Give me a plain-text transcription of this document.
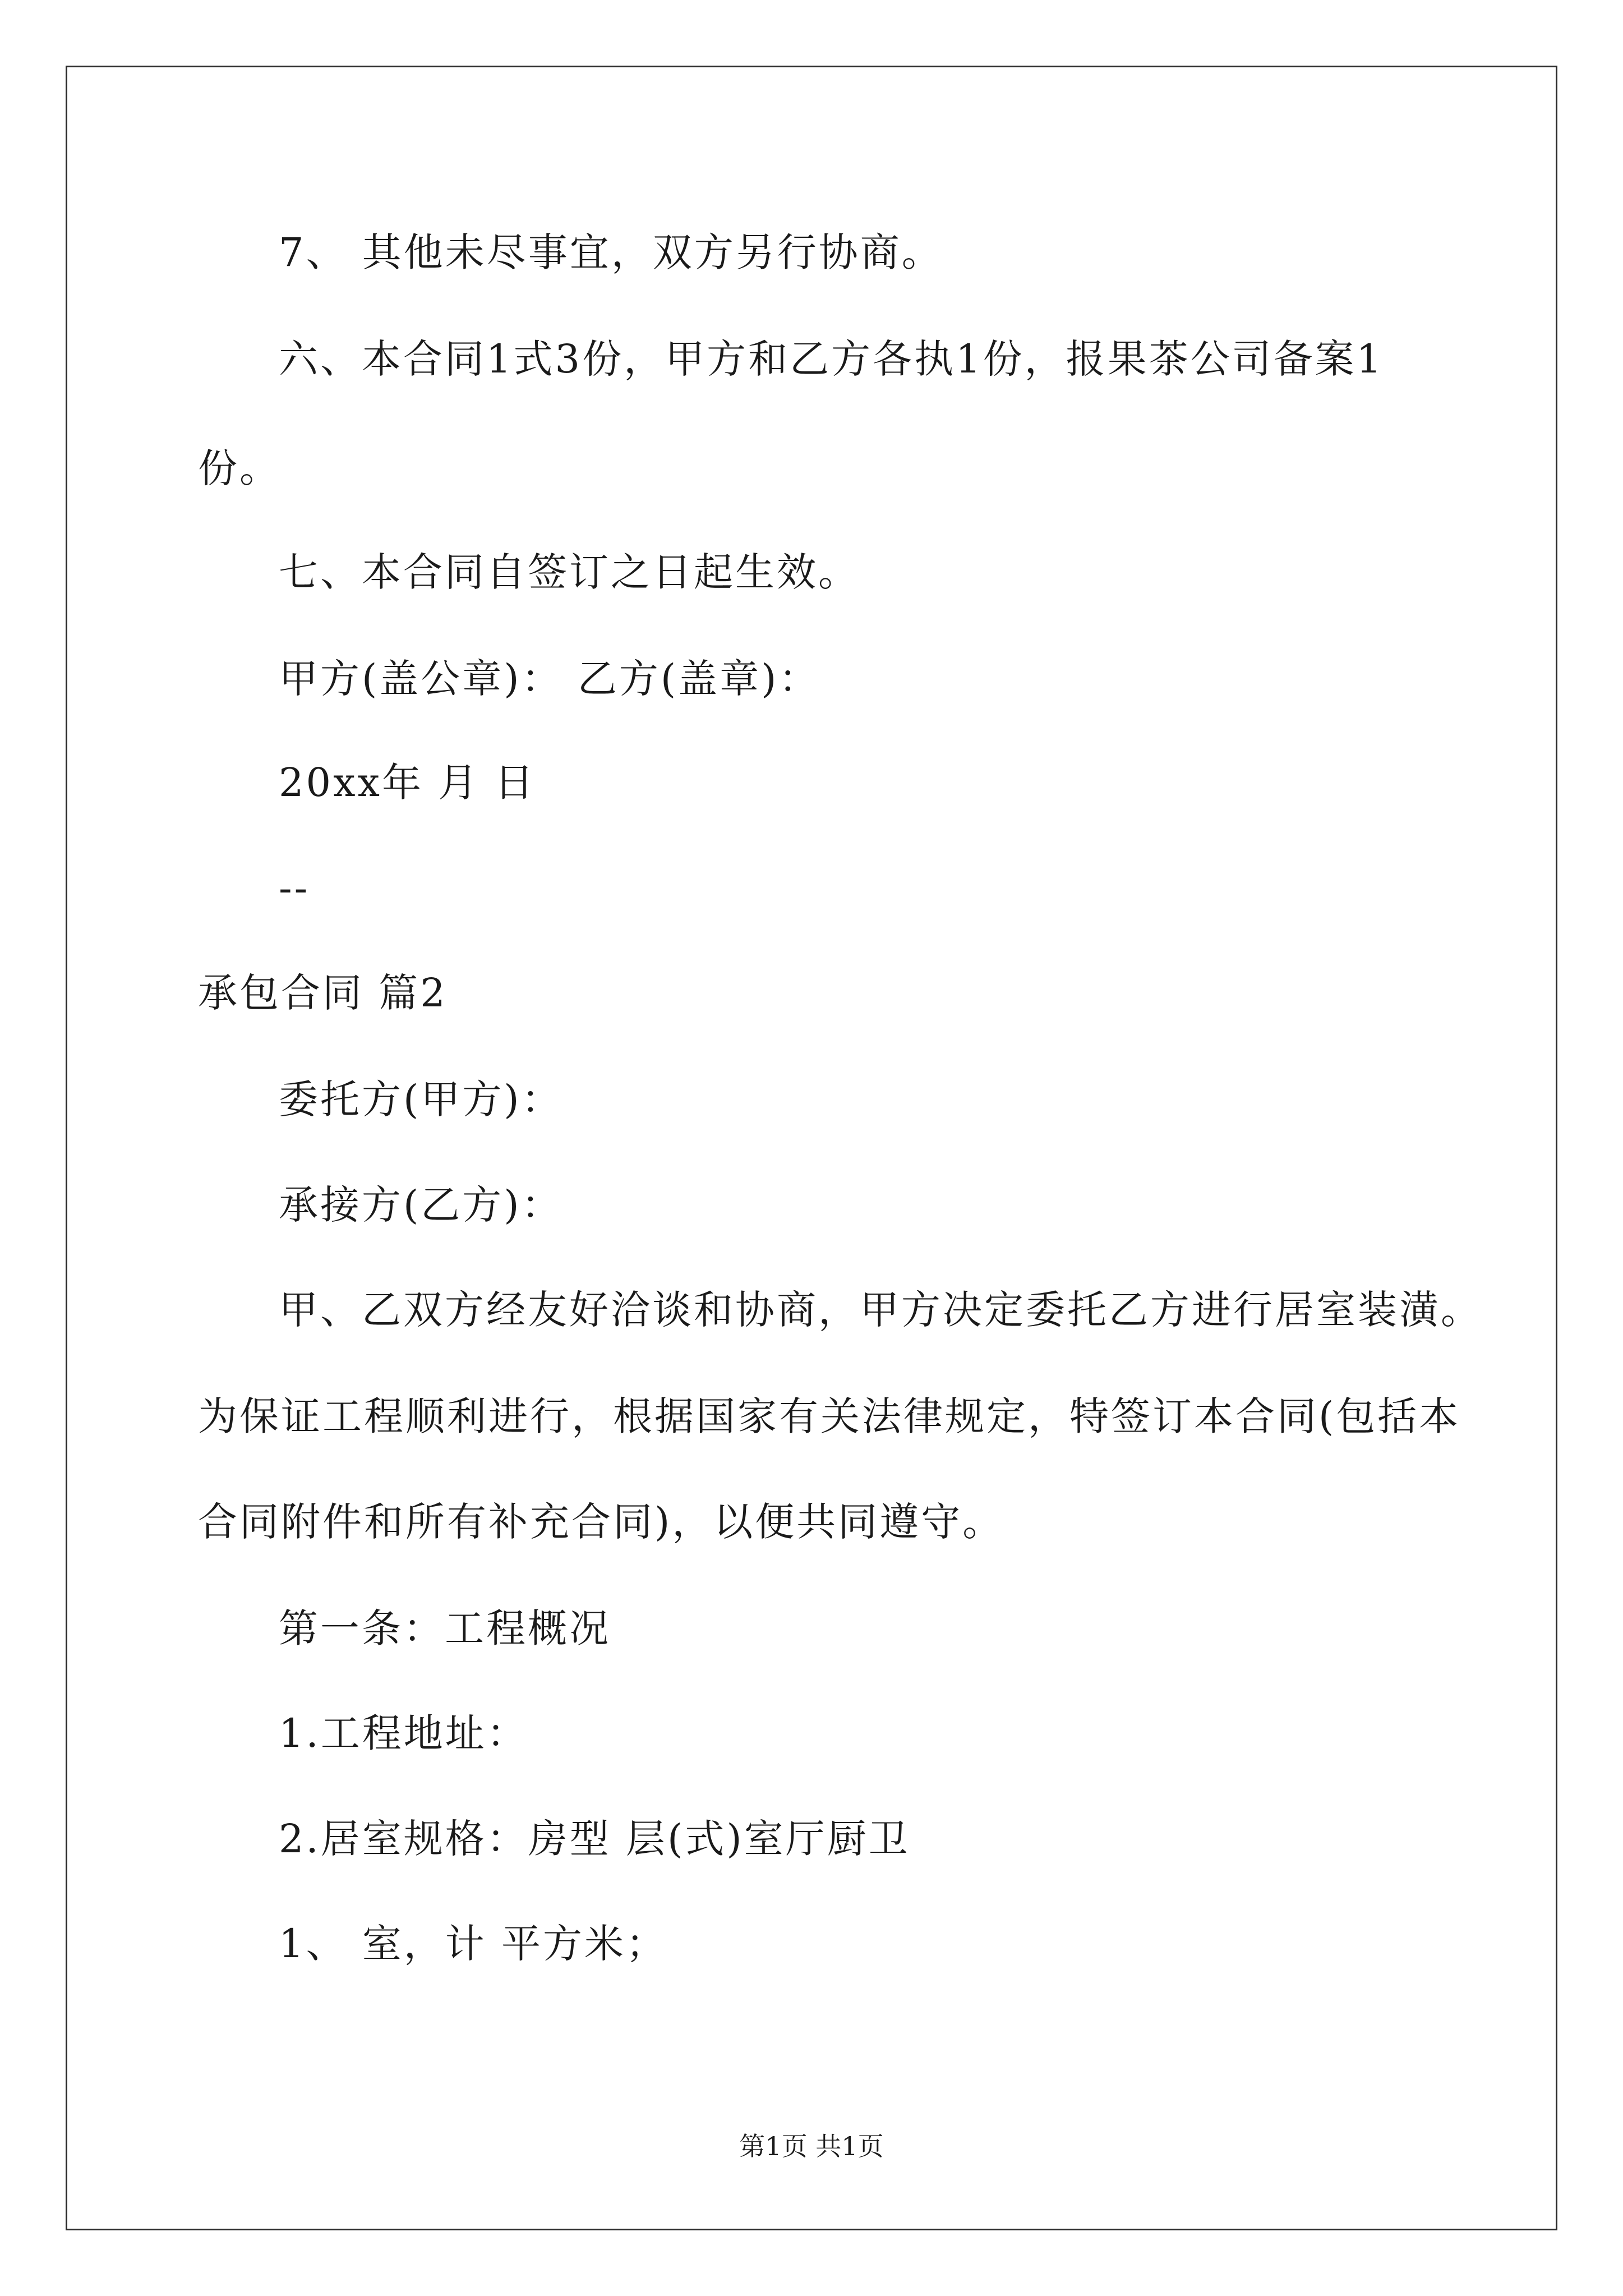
7、 其他未尽事宜，双方另行协商。
六、本合同1式3份，甲方和乙方各执1份，报果茶公司备案1
份。
七、本合同自签订之日起生效。
甲方(盖公章)： 乙方(盖章)：
20xx年 月 日
--
承包合同 篇2
委托方(甲方)：
承接方(乙方)：
甲、乙双方经友好洽谈和协商，甲方决定委托乙方进行居室装潢。
为保证工程顺利进行，根据国家有关法律规定，特签订本合同(包括本
合同附件和所有补充合同)，以便共同遵守。
第一条：工程概况
1.工程地址：
2.居室规格：房型 层(式)室厅厨卫
1、 室，计 平方米；
第1页 共1页
